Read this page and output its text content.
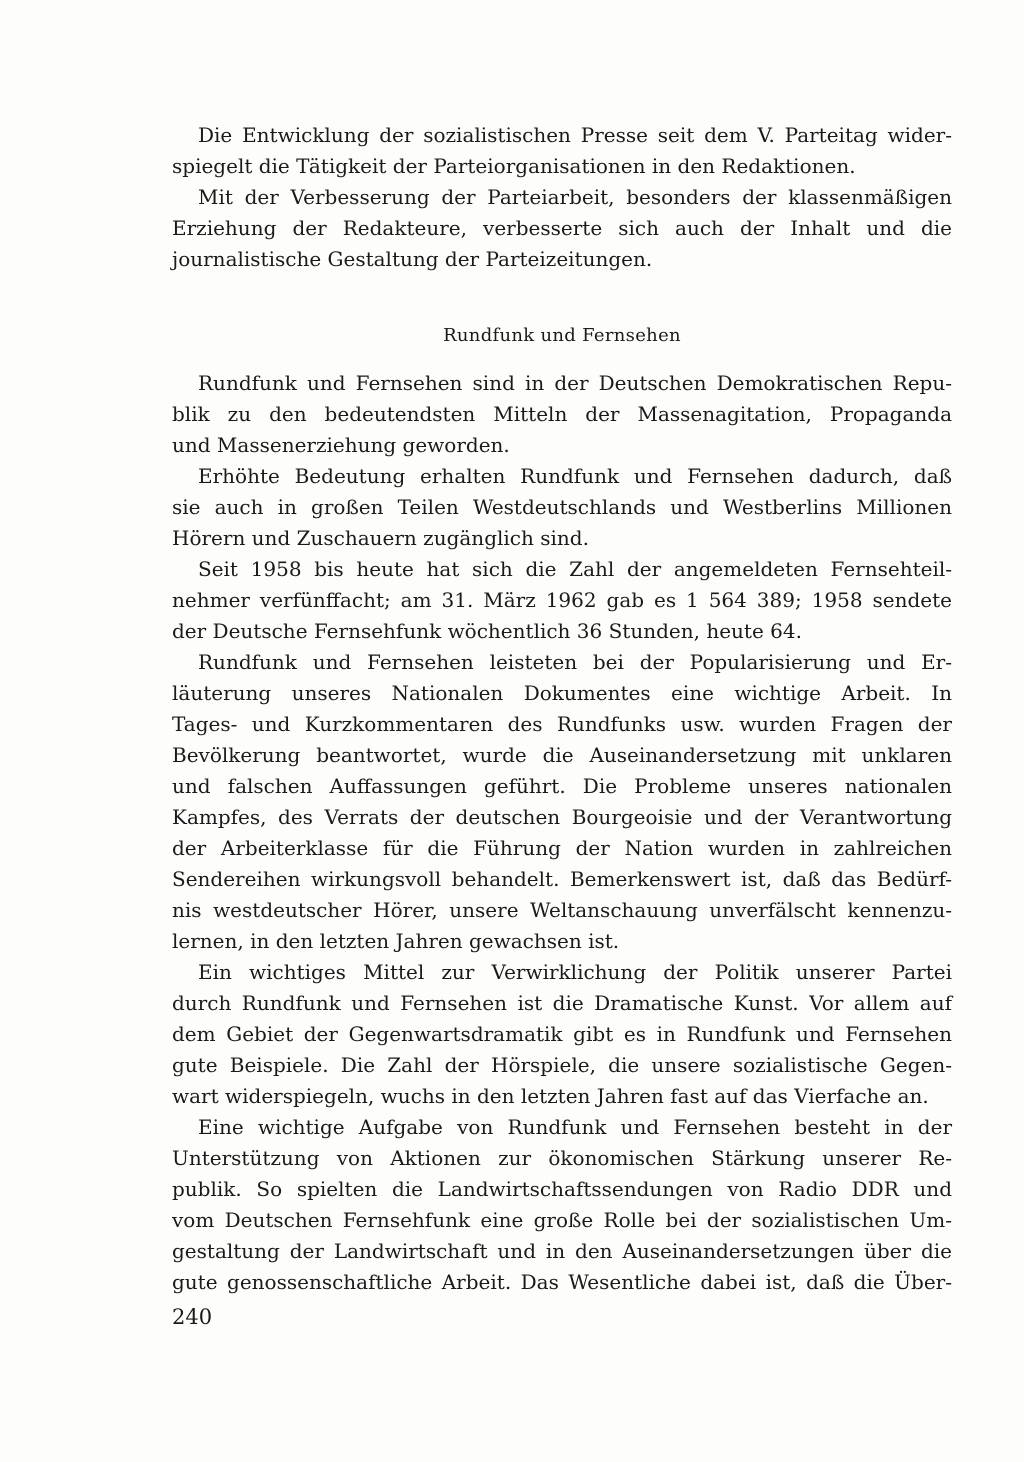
Die Entwicklung der sozialistischen Presse seit dem V. Parteitag wider-
spiegelt die Tätigkeit der Parteiorganisationen in den Redaktionen.
Mit der Verbesserung der Parteiarbeit, besonders der klassenmäßigen
Erziehung der Redakteure, verbesserte sich auch der Inhalt und die
journalistische Gestaltung der Parteizeitungen.
Rundfunk und Fernsehen
Rundfunk und Fernsehen sind in der Deutschen Demokratischen Repu-
blik zu den bedeutendsten Mitteln der Massenagitation, Propaganda
und Massenerziehung geworden.
Erhöhte Bedeutung erhalten Rundfunk und Fernsehen dadurch, daß
sie auch in großen Teilen Westdeutschlands und Westberlins Millionen
Hörern und Zuschauern zugänglich sind.
Seit 1958 bis heute hat sich die Zahl der angemeldeten Fernsehteil-
nehmer verfünffacht; am 31. März 1962 gab es 1 564 389; 1958 sendete
der Deutsche Fernsehfunk wöchentlich 36 Stunden, heute 64.
Rundfunk und Fernsehen leisteten bei der Popularisierung und Er-
läuterung unseres Nationalen Dokumentes eine wichtige Arbeit. In
Tages- und Kurzkommentaren des Rundfunks usw. wurden Fragen der
Bevölkerung beantwortet, wurde die Auseinandersetzung mit unklaren
und falschen Auffassungen geführt. Die Probleme unseres nationalen
Kampfes, des Verrats der deutschen Bourgeoisie und der Verantwortung
der Arbeiterklasse für die Führung der Nation wurden in zahlreichen
Sendereihen wirkungsvoll behandelt. Bemerkenswert ist, daß das Bedürf-
nis westdeutscher Hörer, unsere Weltanschauung unverfälscht kennenzu-
lernen, in den letzten Jahren gewachsen ist.
Ein wichtiges Mittel zur Verwirklichung der Politik unserer Partei
durch Rundfunk und Fernsehen ist die Dramatische Kunst. Vor allem auf
dem Gebiet der Gegenwartsdramatik gibt es in Rundfunk und Fernsehen
gute Beispiele. Die Zahl der Hörspiele, die unsere sozialistische Gegen-
wart widerspiegeln, wuchs in den letzten Jahren fast auf das Vierfache an.
Eine wichtige Aufgabe von Rundfunk und Fernsehen besteht in der
Unterstützung von Aktionen zur ökonomischen Stärkung unserer Re-
publik. So spielten die Landwirtschaftssendungen von Radio DDR und
vom Deutschen Fernsehfunk eine große Rolle bei der sozialistischen Um-
gestaltung der Landwirtschaft und in den Auseinandersetzungen über die
gute genossenschaftliche Arbeit. Das Wesentliche dabei ist, daß die Über-
240
